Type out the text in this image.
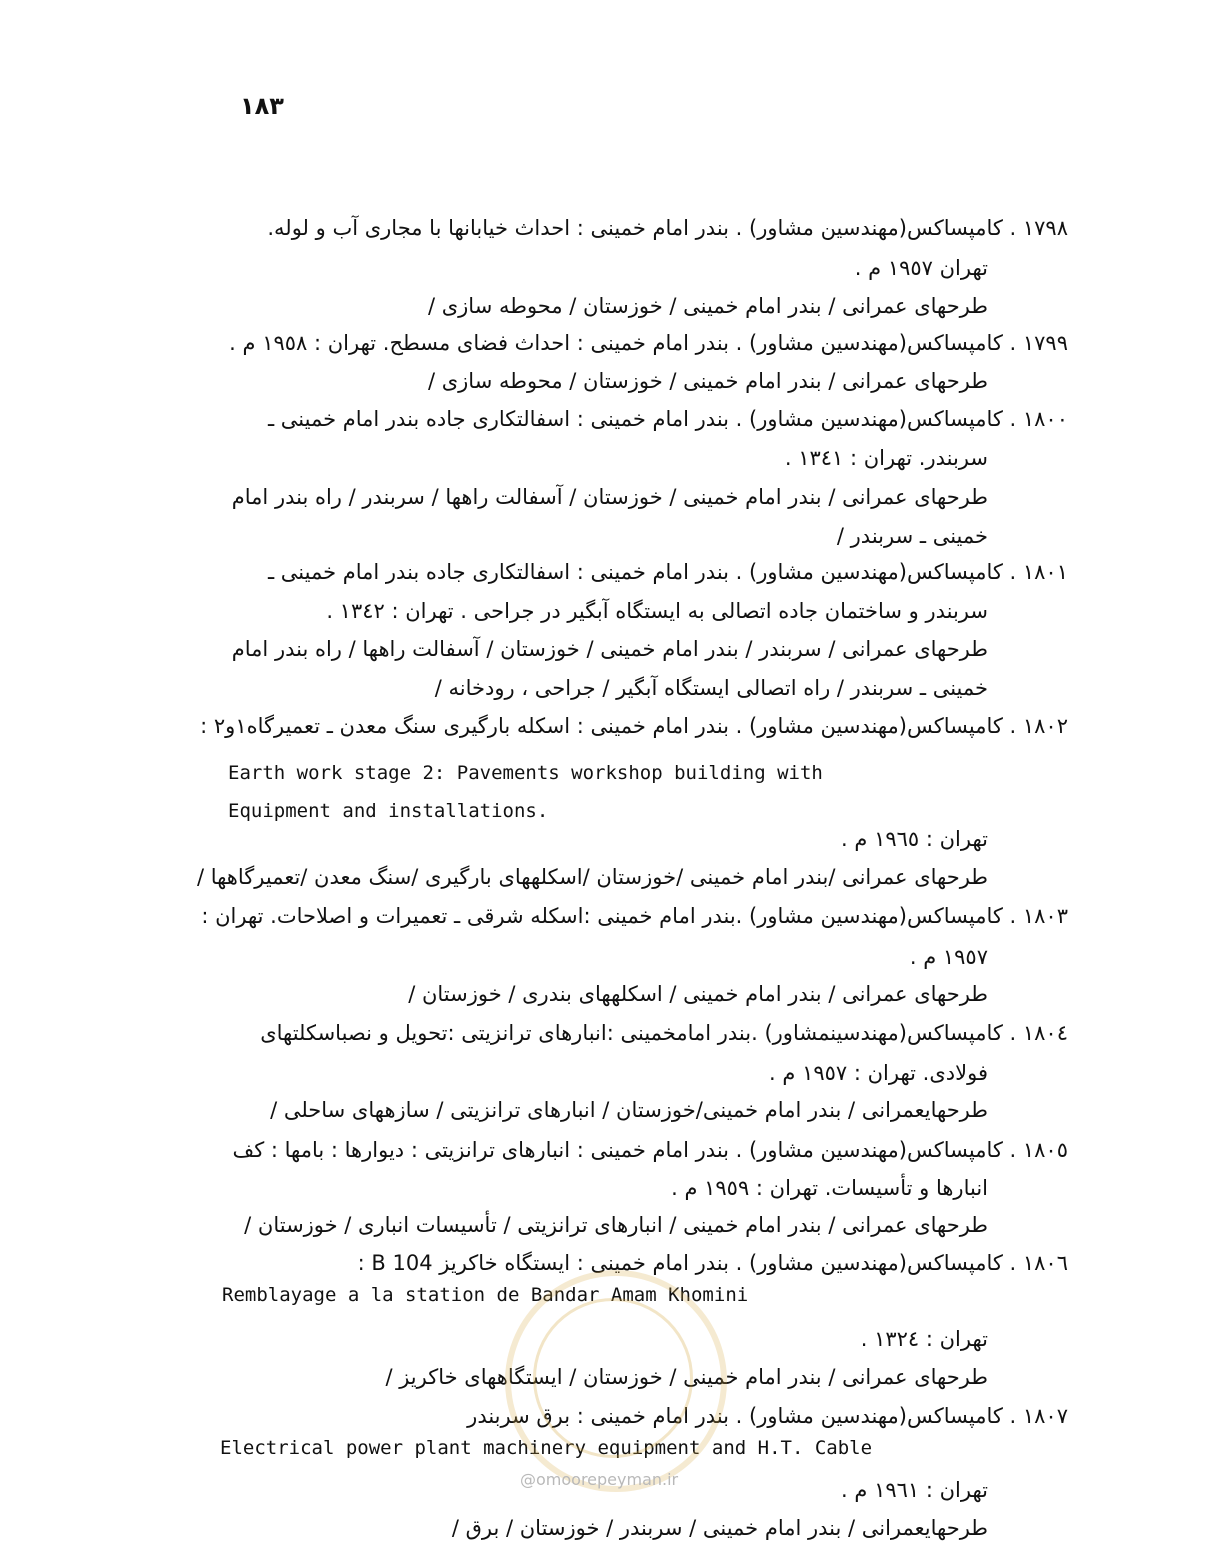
١٨٣
١٧٩٨ . کامپساکس(مهندسین مشاور) . بندر امام خمینی : احداث خیابانها با مجاری آب و لوله.
تهران ١٩٥٧ م .
طرحهای عمرانی / بندر امام خمینی / خوزستان / محوطه سازی /
١٧٩٩ . کامپساکس(مهندسین مشاور) . بندر امام خمینی : احداث فضای مسطح. تهران : ١٩٥٨ م .
طرحهای عمرانی / بندر امام خمینی / خوزستان / محوطه سازی /
١٨٠٠ . کامپساکس(مهندسین مشاور) . بندر امام خمینی : اسفالتکاری جاده بندر امام خمینی ـ
سربندر. تهران : ١٣٤١ .
طرحهای عمرانی / بندر امام خمینی / خوزستان / آسفالت راهها / سربندر / راه بندر امام
خمینی ـ سربندر /
١٨٠١ . کامپساکس(مهندسین مشاور) . بندر امام خمینی : اسفالتکاری جاده بندر امام خمینی ـ
سربندر و ساختمان جاده اتصالی به ایستگاه آبگیر در جراحی . تهران : ١٣٤٢ .
طرحهای عمرانی / سربندر / بندر امام خمینی / خوزستان / آسفالت راهها / راه بندر امام
خمینی ـ سربندر / راه اتصالی ایستگاه آبگیر / جراحی ، رودخانه /
١٨٠٢ . کامپساکس(مهندسین مشاور) . بندر امام خمینی : اسکله بارگیری سنگ معدن ـ تعمیرگاه١و٢ :
Earth work stage 2: Pavements workshop building with
Equipment and installations.
تهران : ١٩٦٥ م .
طرحهای عمرانی /بندر امام خمینی /خوزستان /اسکلههای بارگیری /سنگ معدن /تعمیرگاهها /
١٨٠٣ . کامپساکس(مهندسین مشاور) .بندر امام خمینی :اسکله شرقی ـ تعمیرات و اصلاحات. تهران :
١٩٥٧ م .
طرحهای عمرانی / بندر امام خمینی / اسکلههای بندری / خوزستان /
١٨٠٤ . کامپساکس(مهندسینمشاور) .بندر امامخمینی :انبارهای ترانزیتی :تحویل و نصباسکلتهای
فولادی. تهران : ١٩٥٧ م .
طرحهایعمرانی / بندر امام خمینی/خوزستان / انبارهای ترانزیتی / سازههای ساحلی /
١٨٠٥ . کامپساکس(مهندسین مشاور) . بندر امام خمینی : انبارهای ترانزیتی : دیوارها : بامها : کف
انبارها و تأسیسات. تهران : ١٩٥٩ م .
طرحهای عمرانی / بندر امام خمینی / انبارهای ترانزیتی / تأسیسات انباری / خوزستان /
١٨٠٦ . کامپساکس(مهندسین مشاور) . بندر امام خمینی : ایستگاه خاکریز B 104 :
Remblayage a la station de Bandar Amam Khomini
تهران : ١٣٢٤ .
طرحهای عمرانی / بندر امام خمینی / خوزستان / ایستگاههای خاکریز /
١٨٠٧ . کامپساکس(مهندسین مشاور) . بندر امام خمینی : برق سربندر
Electrical power plant machinery equipment and H.T. Cable
تهران : ١٩٦١ م .
طرحهایعمرانی / بندر امام خمینی / سربندر / خوزستان / برق /
@omoorepeyman.ir
